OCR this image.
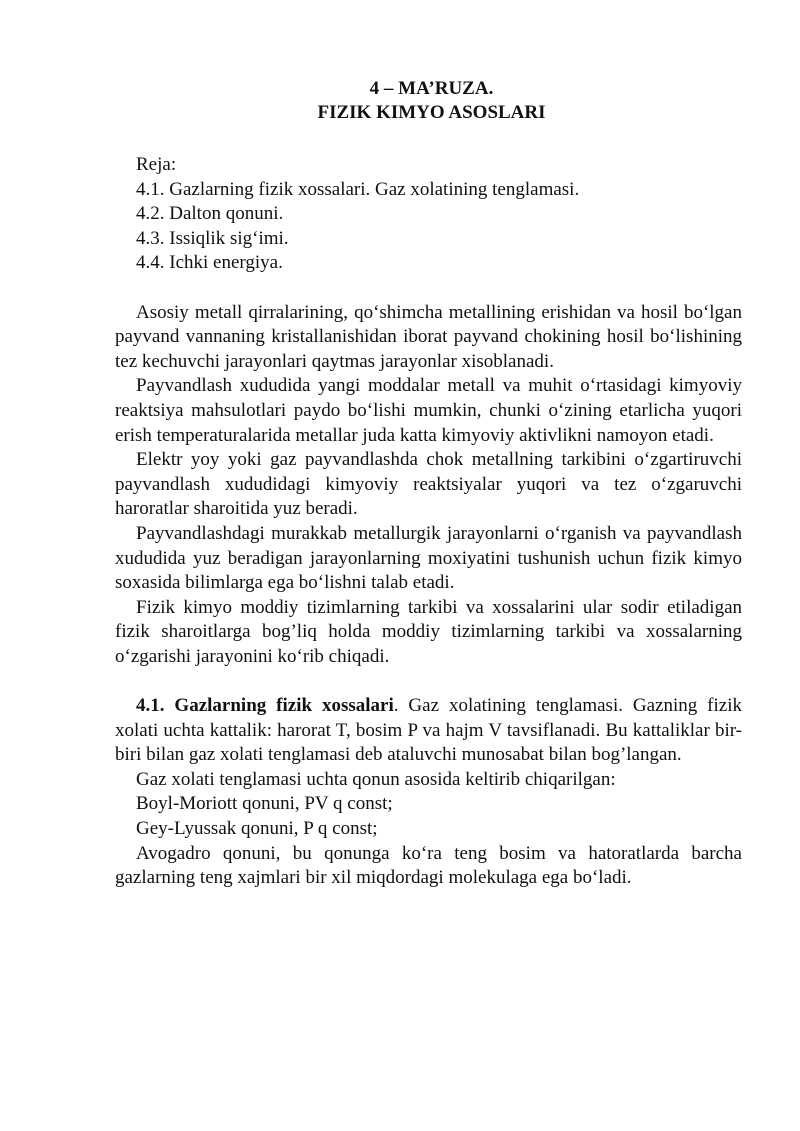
4 – MA’RUZA.
FIZIK KIMYO ASOSLARI

Reja:

4.1. Gazlarning fizik xossalari. Gaz xolatining tenglamasi.

4.2. Dalton qonuni.

4.3. Issiqlik sig‘imi.

4.4. Ichki energiya.

Asosiy metall qirralarining, qo‘shimcha metallining erishidan va hosil bo‘lgan payvand vannaning kristallanishidan iborat payvand chokining hosil bo‘lishining tez kechuvchi jarayonlari qaytmas jarayonlar xisoblanadi.

Payvandlash xududida yangi moddalar metall va muhit o‘rtasidagi kimyoviy reaktsiya mahsulotlari paydo bo‘lishi mumkin, chunki o‘zining etarlicha yuqori erish temperaturalarida metallar juda katta kimyoviy aktivlikni namoyon etadi.

Elektr yoy yoki gaz payvandlashda chok metallning tarkibini o‘zgartiruvchi payvandlash xududidagi kimyoviy reaktsiyalar yuqori va tez o‘zgaruvchi haroratlar sharoitida yuz beradi.

Payvandlashdagi murakkab metallurgik jarayonlarni o‘rganish va payvandlash xududida yuz beradigan jarayonlarning moxiyatini tushunish uchun fizik kimyo soxasida bilimlarga ega bo‘lishni talab etadi.

Fizik kimyo moddiy tizimlarning tarkibi va xossalarini ular sodir etiladigan fizik sharoitlarga bog’liq holda moddiy tizimlarning tarkibi va xossalarning o‘zgarishi jarayonini ko‘rib chiqadi.

4.1. Gazlarning fizik xossalari. Gaz xolatining tenglamasi. Gazning fizik xolati uchta kattalik: harorat T, bosim P va hajm V tavsiflanadi. Bu kattaliklar bir-biri bilan gaz xolati tenglamasi deb ataluvchi munosabat bilan bog’langan.

Gaz xolati tenglamasi uchta qonun asosida keltirib chiqarilgan:

Boyl-Moriott qonuni, PV q const;

Gey-Lyussak qonuni, P q const;

Avogadro qonuni, bu qonunga ko‘ra teng bosim va hatoratlarda barcha gazlarning teng xajmlari bir xil miqdordagi molekulaga ega bo‘ladi.
